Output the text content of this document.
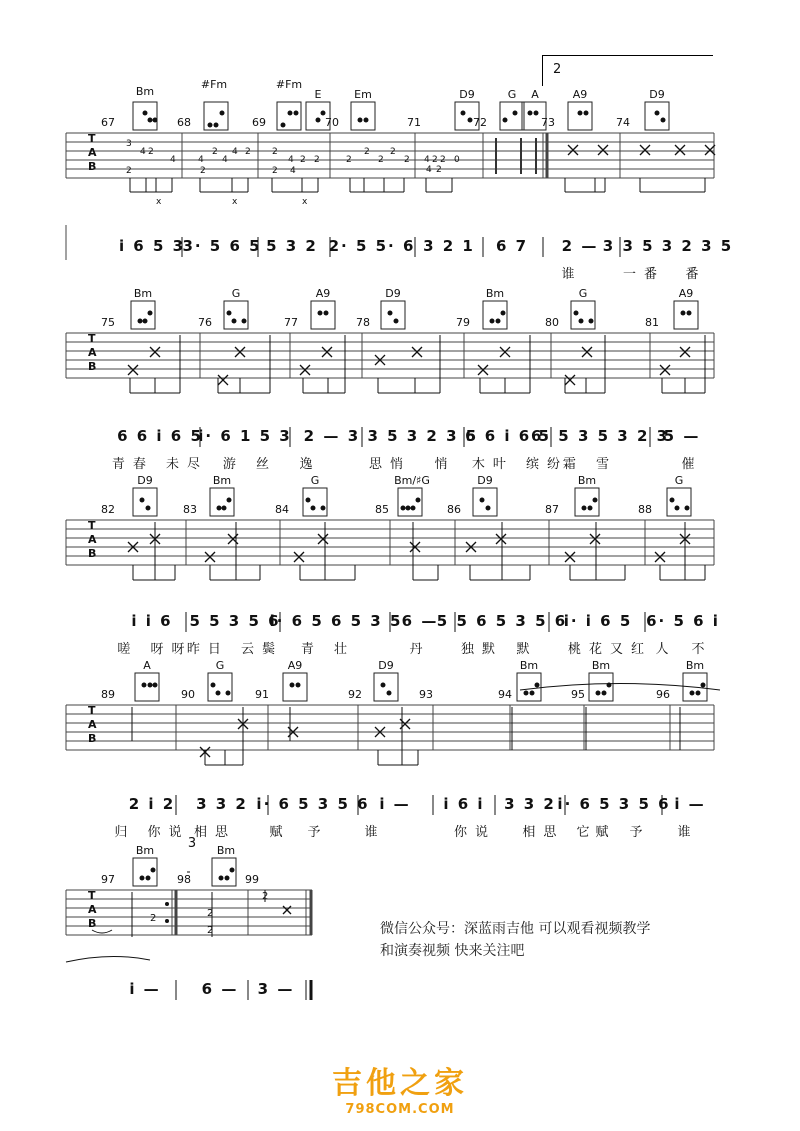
2
3
4 2
4
2
4
2
4
4 2
2
2
4 2 2
2 4
2
2
2
2
2 4 2 2 0
4 2
x	x	x
T
A
B
67	68	69	70	71	72	73	74
Bm
#Fm	#Fm
E	Em	D9	G A	A9	D9
i 6 5 3
3· 5 6 5 5 3 2 2· 5 5· 6 3 2 1 6 7 2 — 3 3 5 3 2 3 5
谁	一番 番
T
A
B
75	76	77	78	79	80	81
Bm	G	A9	D9	Bm	G	A9
6 6 i 6 5
i· 6 1 5 3 2 — 3 3 5 3 2 3 5
6 6 i 6 5
6· 5 3 5 3 2 3
5 —
青春 未尽 游 丝 逸	思悄 悄 木叶 缤纷
霜 雪	催
T
A
B
82	83	84	85	86	87	88
D9	Bm	G	Bm/♯G	D9	Bm	G
i i 6 5 5 3 5 6
i· 6 5 6 5 3 5 6 —
5 5 6 5 3 5 6
i· i 6 5 6· 5 6 i
嗟 呀呀
昨日 云鬓 青 壮	丹 独默 默 桃花又红 人 不
T
A
B
89	90	91	92	93	94	95	96
A	G	A9	D9	Bm	Bm	Bm
2 i 2 3 3 2 i· 6 5 3 5 6 i — i 6 i 3 3 2 i· 6 5 3 5 6 i —
归 你说 相思	赋 予	谁	你说 相思 它
赋 予 谁
2
2
2
2
T
A
B
97	98	99
Bm	Bm
3
i —	6 — 3 —
微信公众号：深蓝雨吉他 可以观看视频教学
和演奏视频 快来关注吧
吉他之家
798COM.COM
